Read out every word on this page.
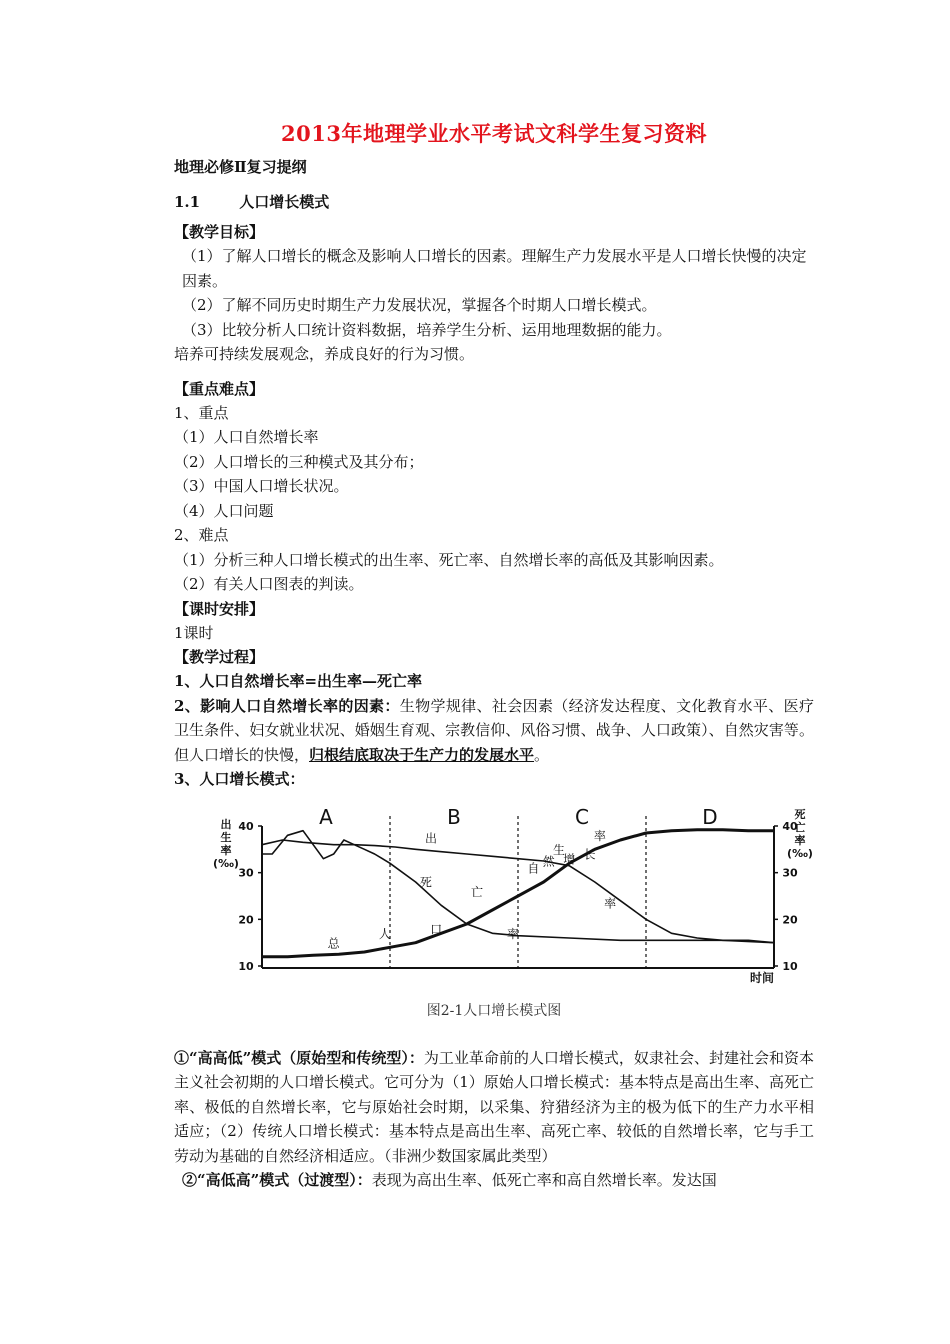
2013年地理学业水平考试文科学生复习资料
地理必修Ⅱ复习提纲
1.1	人口增长模式
【教学目标】

（1）了解人口增长的概念及影响人口增长的因素。理解生产力发展水平是人口增长快慢的决定因素。

（2）了解不同历史时期生产力发展状况，掌握各个时期人口增长模式。

（3）比较分析人口统计资料数据，培养学生分析、运用地理数据的能力。

培养可持续发展观念，养成良好的行为习惯。

【重点难点】

1、重点

（1）人口自然增长率

（2）人口增长的三种模式及其分布；

（3）中国人口增长状况。

（4）人口问题

2、难点

（1）分析三种人口增长模式的出生率、死亡率、自然增长率的高低及其影响因素。

（2）有关人口图表的判读。

【课时安排】

1课时

【教学过程】

1、人口自然增长率=出生率—死亡率

2、影响人口自然增长率的因素：生物学规律、社会因素（经济发达程度、文化教育水平、医疗卫生条件、妇女就业状况、婚姻生育观、宗教信仰、风俗习惯、战争、人口政策）、自然灾害等。但人口增长的快慢，归根结底取决于生产力的发展水平。

3、人口增长模式：

10	10
20	20
30	30
40	40
A	B	C	D
出
生
率
(‰)
死
亡
率
(‰)
时间
出
生
率
死
亡
率
总
人	口
自 然 增 长
率
图2-1人口增长模式图

①“高高低”模式（原始型和传统型）：为工业革命前的人口增长模式，奴隶社会、封建社会和资本主义社会初期的人口增长模式。它可分为（1）原始人口增长模式：基本特点是高出生率、高死亡率、极低的自然增长率，它与原始社会时期，以采集、狩猎经济为主的极为低下的生产力水平相适应；（2）传统人口增长模式：基本特点是高出生率、高死亡率、较低的自然增长率，它与手工劳动为基础的自然经济相适应。（非洲少数国家属此类型）

②“高低高”模式（过渡型）：表现为高出生率、低死亡率和高自然增长率。发达国
